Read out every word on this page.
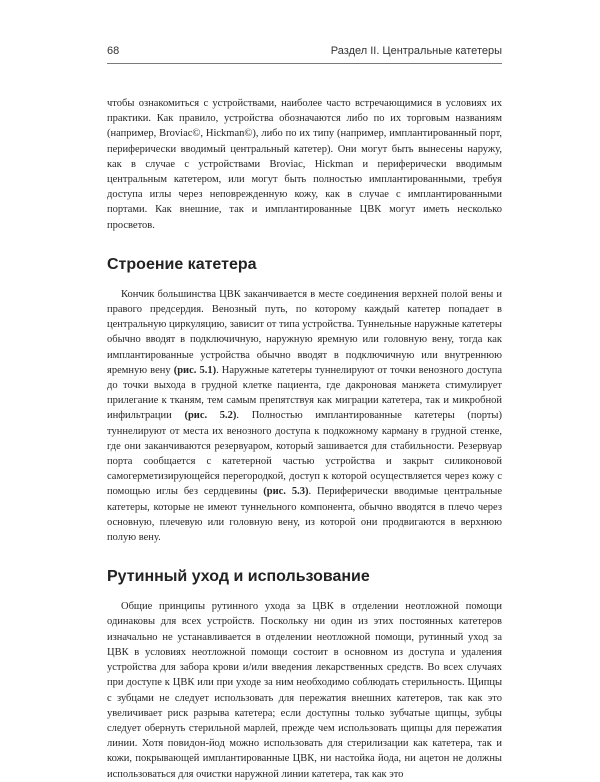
68	Раздел II. Центральные катетеры

чтобы ознакомиться с устройствами, наиболее часто встречающимися в условиях их практики. Как правило, устройства обозначаются либо по их торговым названиям (например, Broviac©, Hickman©), либо по их типу (например, имплантированный порт, периферически вводимый центральный катетер). Они могут быть вынесены наружу, как в случае с устройствами Broviac, Hickman и периферически вводимым центральным катетером, или могут быть полностью имплантированными, требуя доступа иглы через неповрежденную кожу, как в случае с имплантированными портами. Как внешние, так и имплантированные ЦВК могут иметь несколько просветов.

Строение катетера

Кончик большинства ЦВК заканчивается в месте соединения верхней полой вены и правого предсердия. Венозный путь, по которому каждый катетер попадает в центральную циркуляцию, зависит от типа устройства. Туннельные наружные катетеры обычно вводят в подключичную, наружную яремную или головную вену, тогда как имплантированные устройства обычно вводят в подключичную или внутреннюю яремную вену (рис. 5.1). Наружные катетеры туннелируют от точки венозного доступа до точки выхода в грудной клетке пациента, где дакроновая манжета стимулирует прилегание к тканям, тем самым препятствуя как миграции катетера, так и микробной инфильтрации (рис. 5.2). Полностью имплантированные катетеры (порты) туннелируют от места их венозного доступа к подкожному карману в грудной стенке, где они заканчиваются резервуаром, который зашивается для стабильности. Резервуар порта сообщается с катетерной частью устройства и закрыт силиконовой самогерметизирующейся перегородкой, доступ к которой осуществляется через кожу с помощью иглы без сердцевины (рис. 5.3). Периферически вводимые центральные катетеры, которые не имеют туннельного компонента, обычно вводятся в плечо через основную, плечевую или головную вену, из которой они продвигаются в верхнюю полую вену.

Рутинный уход и использование

Общие принципы рутинного ухода за ЦВК в отделении неотложной помощи одинаковы для всех устройств. Поскольку ни один из этих постоянных катетеров изначально не устанавливается в отделении неотложной помощи, рутинный уход за ЦВК в условиях неотложной помощи состоит в основном из доступа и удаления устройства для забора крови и/или введения лекарственных средств. Во всех случаях при доступе к ЦВК или при уходе за ним необходимо соблюдать стерильность. Щипцы с зубцами не следует использовать для пережатия внешних катетеров, так как это увеличивает риск разрыва катетера; если доступны только зубчатые щипцы, зубцы следует обернуть стерильной марлей, прежде чем использовать щипцы для пережатия линии. Хотя повидон-йод можно использовать для стерилизации как катетера, так и кожи, покрывающей имплантированные ЦВК, ни настойка йода, ни ацетон не должны использоваться для очистки наружной линии катетера, так как это
